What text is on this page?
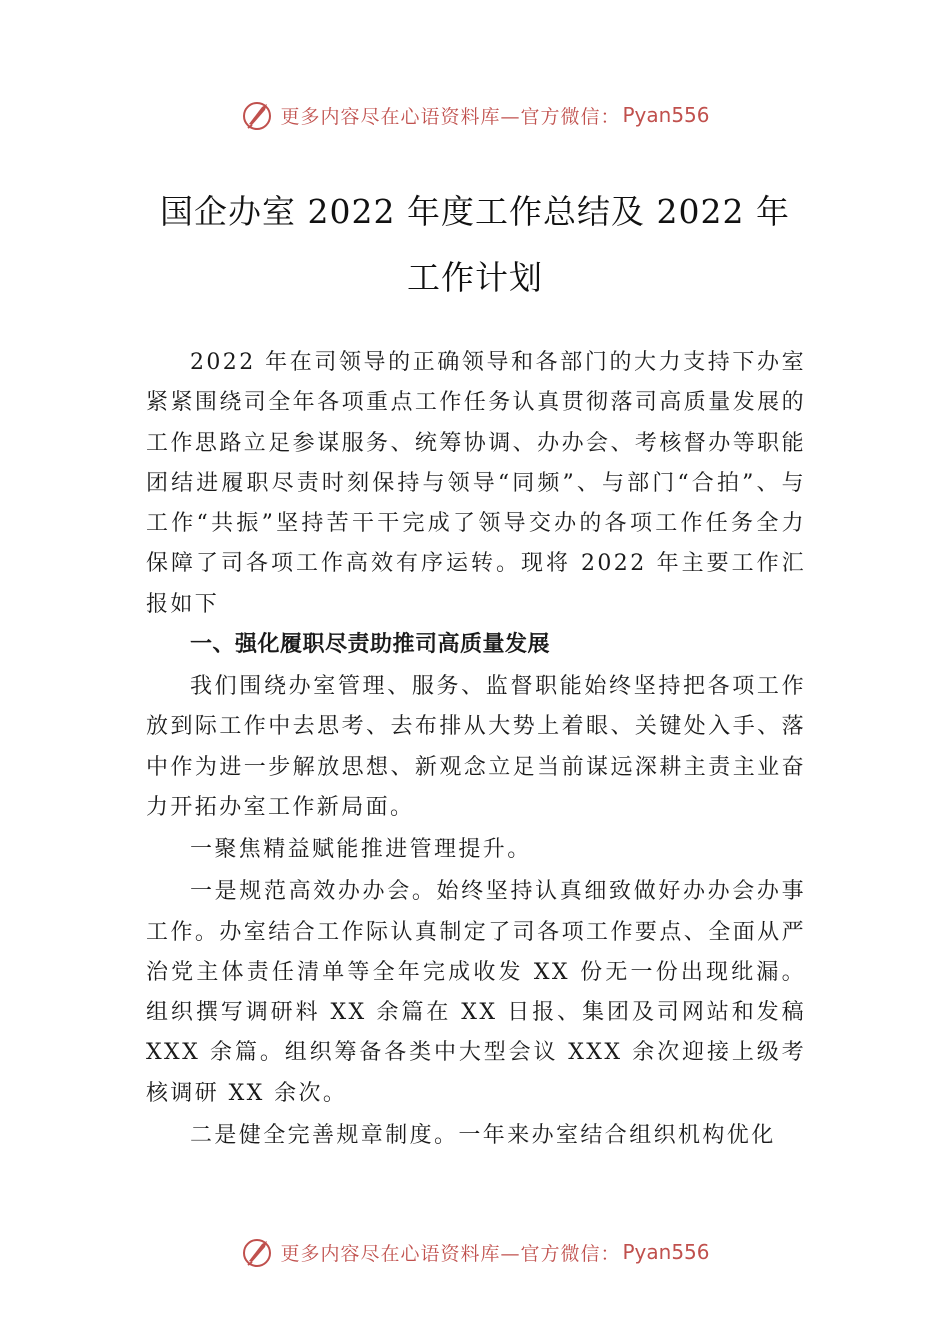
更多内容尽在心语资料库—官方微信： Pyan556
国企办室 2022 年度工作总结及 2022 年
工作计划

2022 年在司领导的正确领导和各部门的大力支持下办室紧紧围绕司全年各项重点工作任务认真贯彻落司高质量发展的工作思路立足参谋服务、统筹协调、办办会、考核督办等职能团结进履职尽责时刻保持与领导“同频”、与部门“合拍”、与工作“共振”坚持苦干干完成了领导交办的各项工作任务全力保障了司各项工作高效有序运转。现将 2022 年主要工作汇报如下

一、强化履职尽责助推司高质量发展

我们围绕办室管理、服务、监督职能始终坚持把各项工作放到际工作中去思考、去布排从大势上着眼、关键处入手、落中作为进一步解放思想、新观念立足当前谋远深耕主责主业奋力开拓办室工作新局面。

一聚焦精益赋能推进管理提升。

一是规范高效办办会。始终坚持认真细致做好办办会办事工作。办室结合工作际认真制定了司各项工作要点、全面从严治党主体责任清单等全年完成收发 XX 份无一份出现纰漏。组织撰写调研料 XX 余篇在 XX 日报、集团及司网站和发稿 XXX 余篇。组织筹备各类中大型会议 XXX 余次迎接上级考核调研 XX 余次。

二是健全完善规章制度。一年来办室结合组织机构优化

更多内容尽在心语资料库—官方微信： Pyan556
